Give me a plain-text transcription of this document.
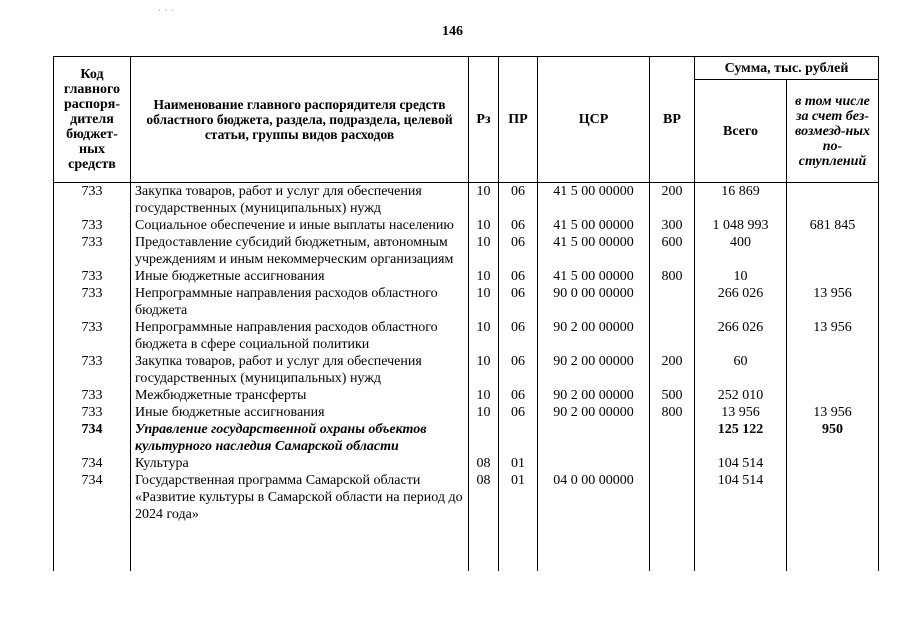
· · ·
146
Код главного распоря-дителя бюджет-ных средств	Наименование главного распорядителя средств областного бюджета, раздела, подраздела, целевой статьи, группы видов расходов	Рз	ПР	ЦСР	ВР	Сумма, тыс. рублей	
						Всего	в том числе за счет без-возмезд-ных по-ступлений
733	Закупка товаров, работ и услуг для обеспечения государственных (муниципальных) нужд	10	06	41 5 00 00000	200	16 869	
733	Социальное обеспечение и иные выплаты населению	10	06	41 5 00 00000	300	1 048 993	681 845
733	Предоставление субсидий бюджетным, автономным учреждениям и иным некоммерческим организациям	10	06	41 5 00 00000	600	400	
733	Иные бюджетные ассигнования	10	06	41 5 00 00000	800	10	
733	Непрограммные направления расходов областного бюджета	10	06	90 0 00 00000		266 026	13 956
733	Непрограммные направления расходов областного бюджета в сфере социальной политики	10	06	90 2 00 00000		266 026	13 956
733	Закупка товаров, работ и услуг для обеспечения государственных (муниципальных) нужд	10	06	90 2 00 00000	200	60	
733	Межбюджетные трансферты	10	06	90 2 00 00000	500	252 010	
733	Иные бюджетные ассигнования	10	06	90 2 00 00000	800	13 956	13 956
734	Управление государственной охраны объектов культурного наследия Самарской области					125 122	950
734	Культура	08	01			104 514	
734	Государственная программа Самарской области «Развитие культуры в Самарской области на период до 2024 года»	08	01	04 0 00 00000		104 514	
